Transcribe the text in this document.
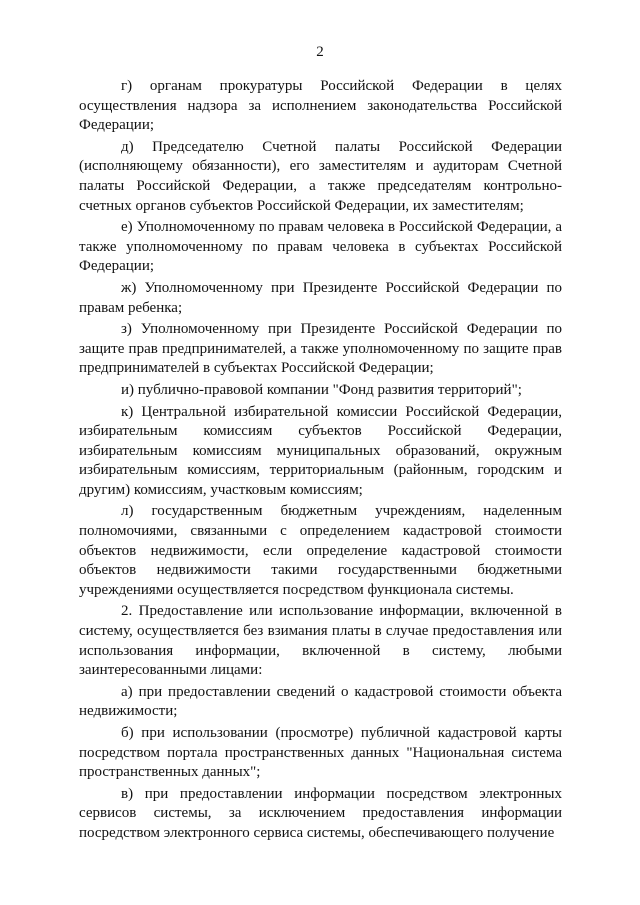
2

г) органам прокуратуры Российской Федерации в целях осуществления надзора за исполнением законодательства Российской Федерации;

д) Председателю Счетной палаты Российской Федерации (исполняющему обязанности), его заместителям и аудиторам Счетной палаты Российской Федерации, а также председателям контрольно-счетных органов субъектов Российской Федерации, их заместителям;

е) Уполномоченному по правам человека в Российской Федерации, а также уполномоченному по правам человека в субъектах Российской Федерации;

ж) Уполномоченному при Президенте Российской Федерации по правам ребенка;

з) Уполномоченному при Президенте Российской Федерации по защите прав предпринимателей, а также уполномоченному по защите прав предпринимателей в субъектах Российской Федерации;

и) публично-правовой компании "Фонд развития территорий";

к) Центральной избирательной комиссии Российской Федерации, избирательным комиссиям субъектов Российской Федерации, избирательным комиссиям муниципальных образований, окружным избирательным комиссиям, территориальным (районным, городским и другим) комиссиям, участковым комиссиям;

л) государственным бюджетным учреждениям, наделенным полномочиями, связанными с определением кадастровой стоимости объектов недвижимости, если определение кадастровой стоимости объектов недвижимости такими государственными бюджетными учреждениями осуществляется посредством функционала системы.

2. Предоставление или использование информации, включенной в систему, осуществляется без взимания платы в случае предоставления или использования информации, включенной в систему, любыми заинтересованными лицами:

а) при предоставлении сведений о кадастровой стоимости объекта недвижимости;

б) при использовании (просмотре) публичной кадастровой карты посредством портала пространственных данных "Национальная система пространственных данных";

в) при предоставлении информации посредством электронных сервисов системы, за исключением предоставления информации посредством электронного сервиса системы, обеспечивающего получение
